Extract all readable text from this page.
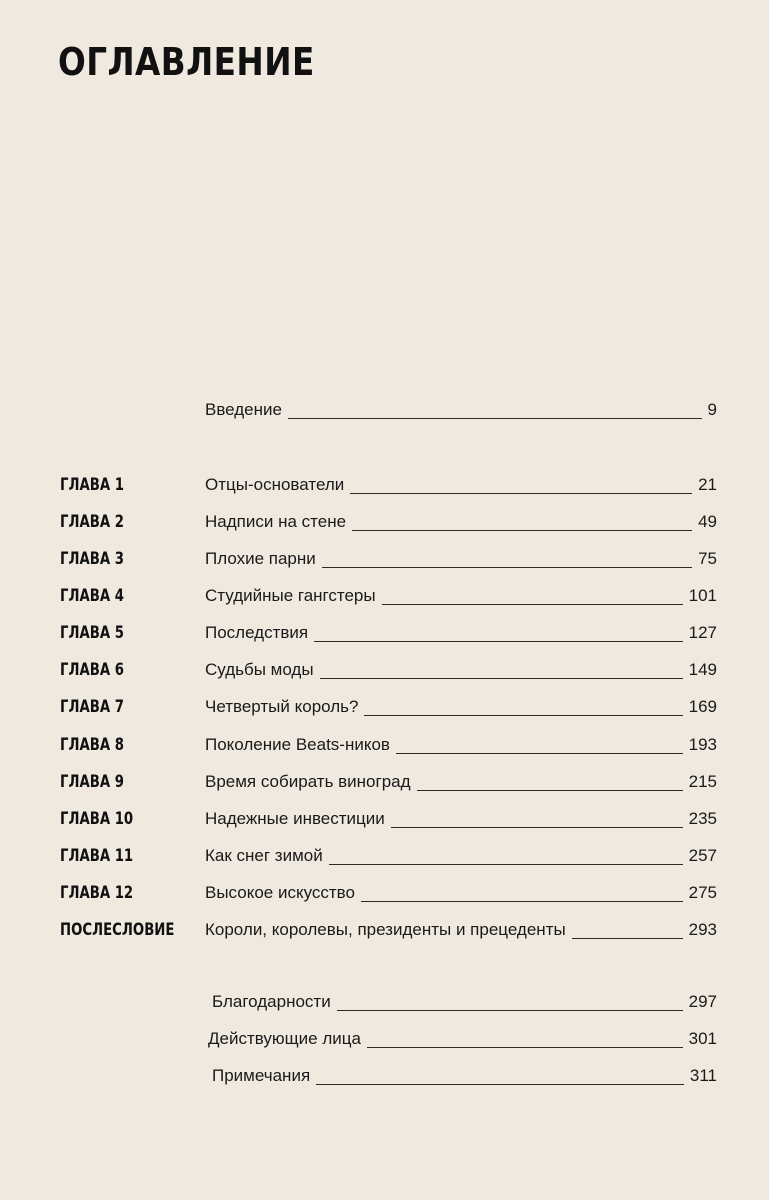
ОГЛАВЛЕНИЕ
Введение	9
ГЛАВА 1	Отцы-основатели	21
ГЛАВА 2	Надписи на стене	49
ГЛАВА 3	Плохие парни	75
ГЛАВА 4	Студийные гангстеры	101
ГЛАВА 5	Последствия	127
ГЛАВА 6	Судьбы моды	149
ГЛАВА 7	Четвертый король?	169
ГЛАВА 8	Поколение Beats-ников	193
ГЛАВА 9	Время собирать виноград	215
ГЛАВА 10	Надежные инвестиции	235
ГЛАВА 11	Как снег зимой	257
ГЛАВА 12	Высокое искусство	275
ПОСЛЕСЛОВИЕ Короли, королевы, президенты и прецеденты	293
Благодарности	297
Действующие лица	301
Примечания	311
